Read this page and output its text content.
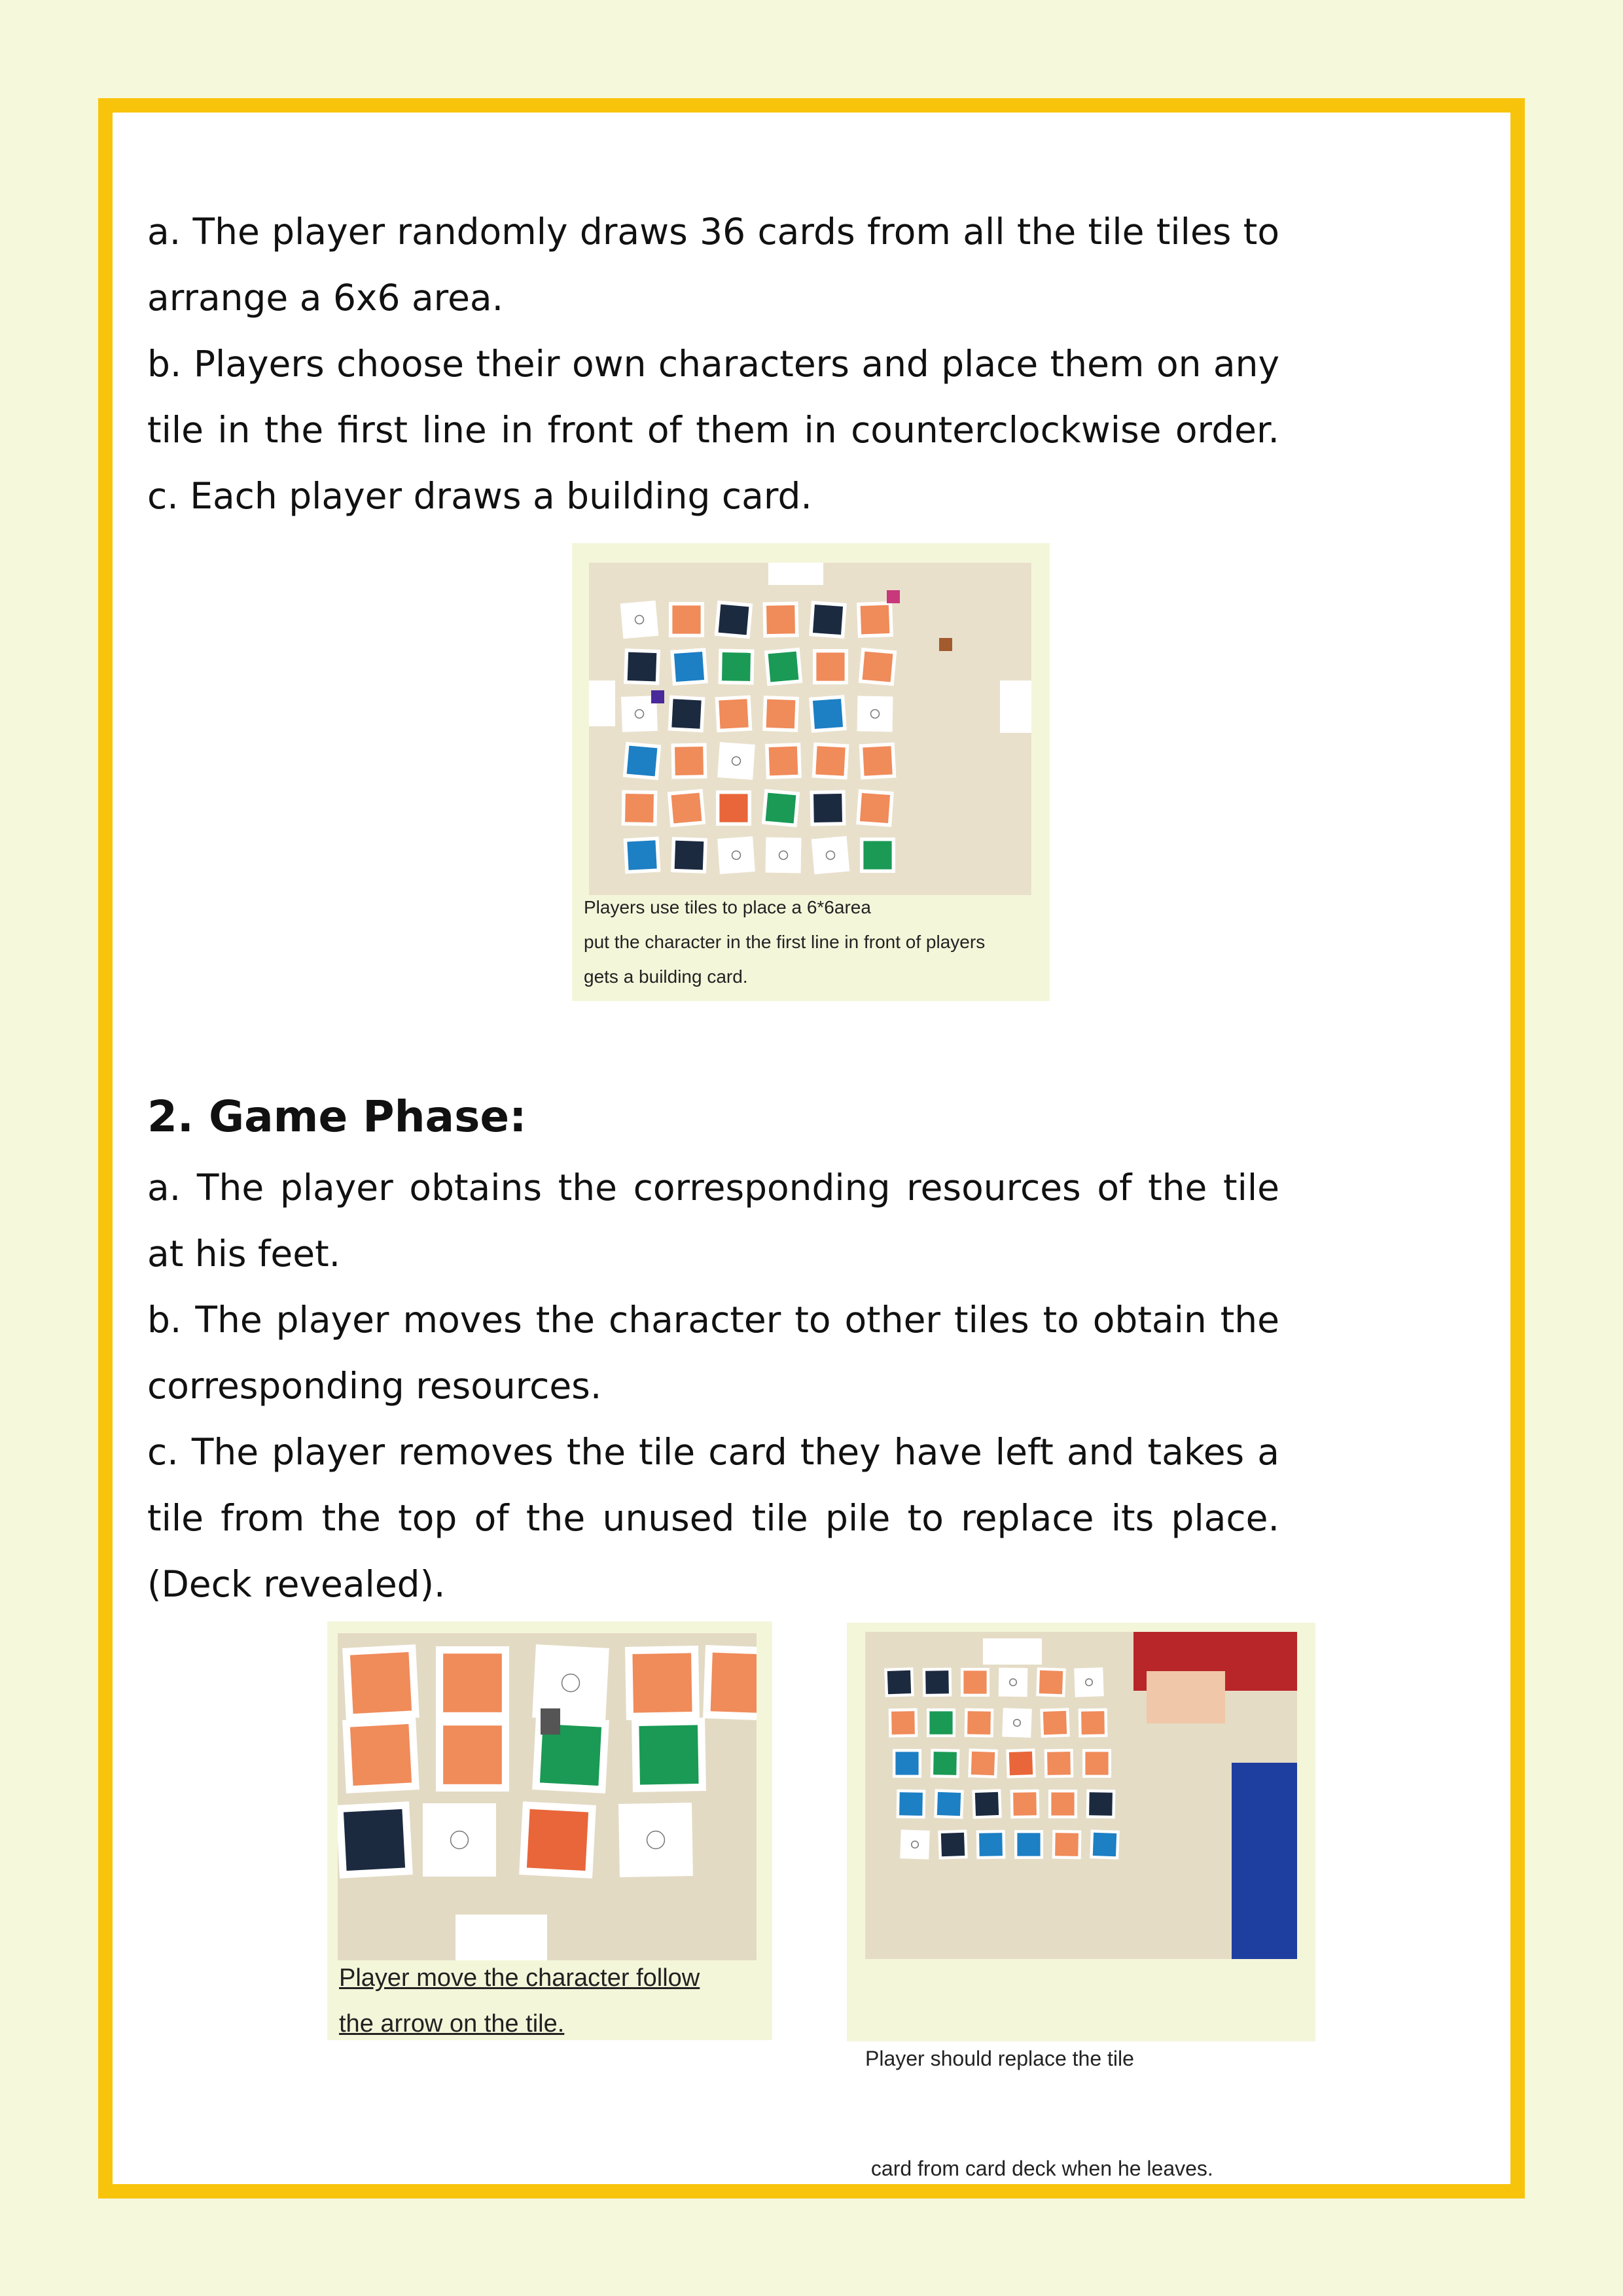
a. The player randomly draws 36 cards from all the tile tiles to arrange a 6x6 area.

b. Players choose their own characters and place them on any tile in the first line in front of them in counterclockwise order. c. Each player draws a building card.

Players use tiles to place a 6*6area
put the character in the first line in front of players
gets a building card.
2. Game Phase:

a. The player obtains the corresponding resources of the tile at his feet.

b. The player moves the character to other tiles to obtain the corresponding resources.

c. The player removes the tile card they have left and takes a tile from the top of the unused tile pile to replace its place. (Deck revealed).

Player move the character follow
the arrow on the tile.

Player should replace the tile

card from card deck when he leaves.
